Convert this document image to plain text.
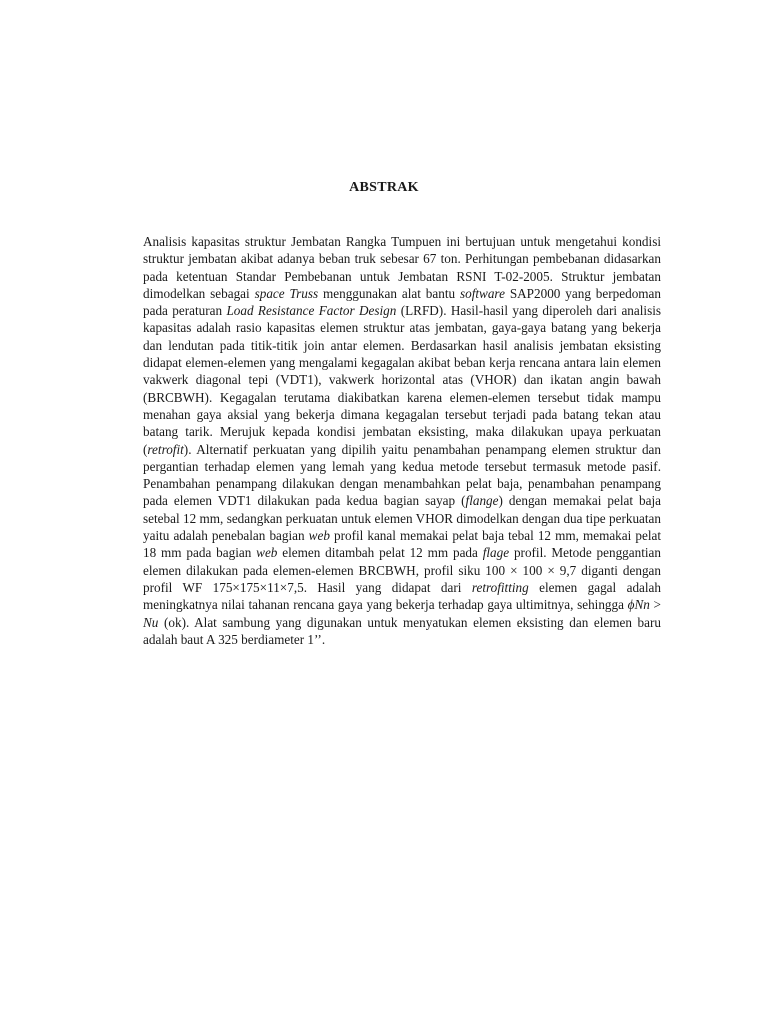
ABSTRAK

Analisis kapasitas struktur Jembatan Rangka Tumpuen ini bertujuan untuk mengetahui kondisi struktur jembatan akibat adanya beban truk sebesar 67 ton. Perhitungan pembebanan didasarkan pada ketentuan Standar Pembebanan untuk Jembatan RSNI T-02-2005. Struktur jembatan dimodelkan sebagai space Truss menggunakan alat bantu software SAP2000 yang berpedoman pada peraturan Load Resistance Factor Design (LRFD). Hasil-hasil yang diperoleh dari analisis kapasitas adalah rasio kapasitas elemen struktur atas jembatan, gaya-gaya batang yang bekerja dan lendutan pada titik-titik join antar elemen. Berdasarkan hasil analisis jembatan eksisting didapat elemen-elemen yang mengalami kegagalan akibat beban kerja rencana antara lain elemen vakwerk diagonal tepi (VDT1), vakwerk horizontal atas (VHOR) dan ikatan angin bawah (BRCBWH). Kegagalan terutama diakibatkan karena elemen-elemen tersebut tidak mampu menahan gaya aksial yang bekerja dimana kegagalan tersebut terjadi pada batang tekan atau batang tarik. Merujuk kepada kondisi jembatan eksisting, maka dilakukan upaya perkuatan (retrofit). Alternatif perkuatan yang dipilih yaitu penambahan penampang elemen struktur dan pergantian terhadap elemen yang lemah yang kedua metode tersebut termasuk metode pasif. Penambahan penampang dilakukan dengan menambahkan pelat baja, penambahan penampang pada elemen VDT1 dilakukan pada kedua bagian sayap (flange) dengan memakai pelat baja setebal 12 mm, sedangkan perkuatan untuk elemen VHOR dimodelkan dengan dua tipe perkuatan yaitu adalah penebalan bagian web profil kanal memakai pelat baja tebal 12 mm, memakai pelat 18 mm pada bagian web elemen ditambah pelat 12 mm pada flage profil. Metode penggantian elemen dilakukan pada elemen-elemen BRCBWH, profil siku 100 × 100 × 9,7 diganti dengan profil WF 175×175×11×7,5. Hasil yang didapat dari retrofitting elemen gagal adalah meningkatnya nilai tahanan rencana gaya yang bekerja terhadap gaya ultimitnya, sehingga ϕNn > Nu (ok). Alat sambung yang digunakan untuk menyatukan elemen eksisting dan elemen baru adalah baut A 325 berdiameter 1’’.
